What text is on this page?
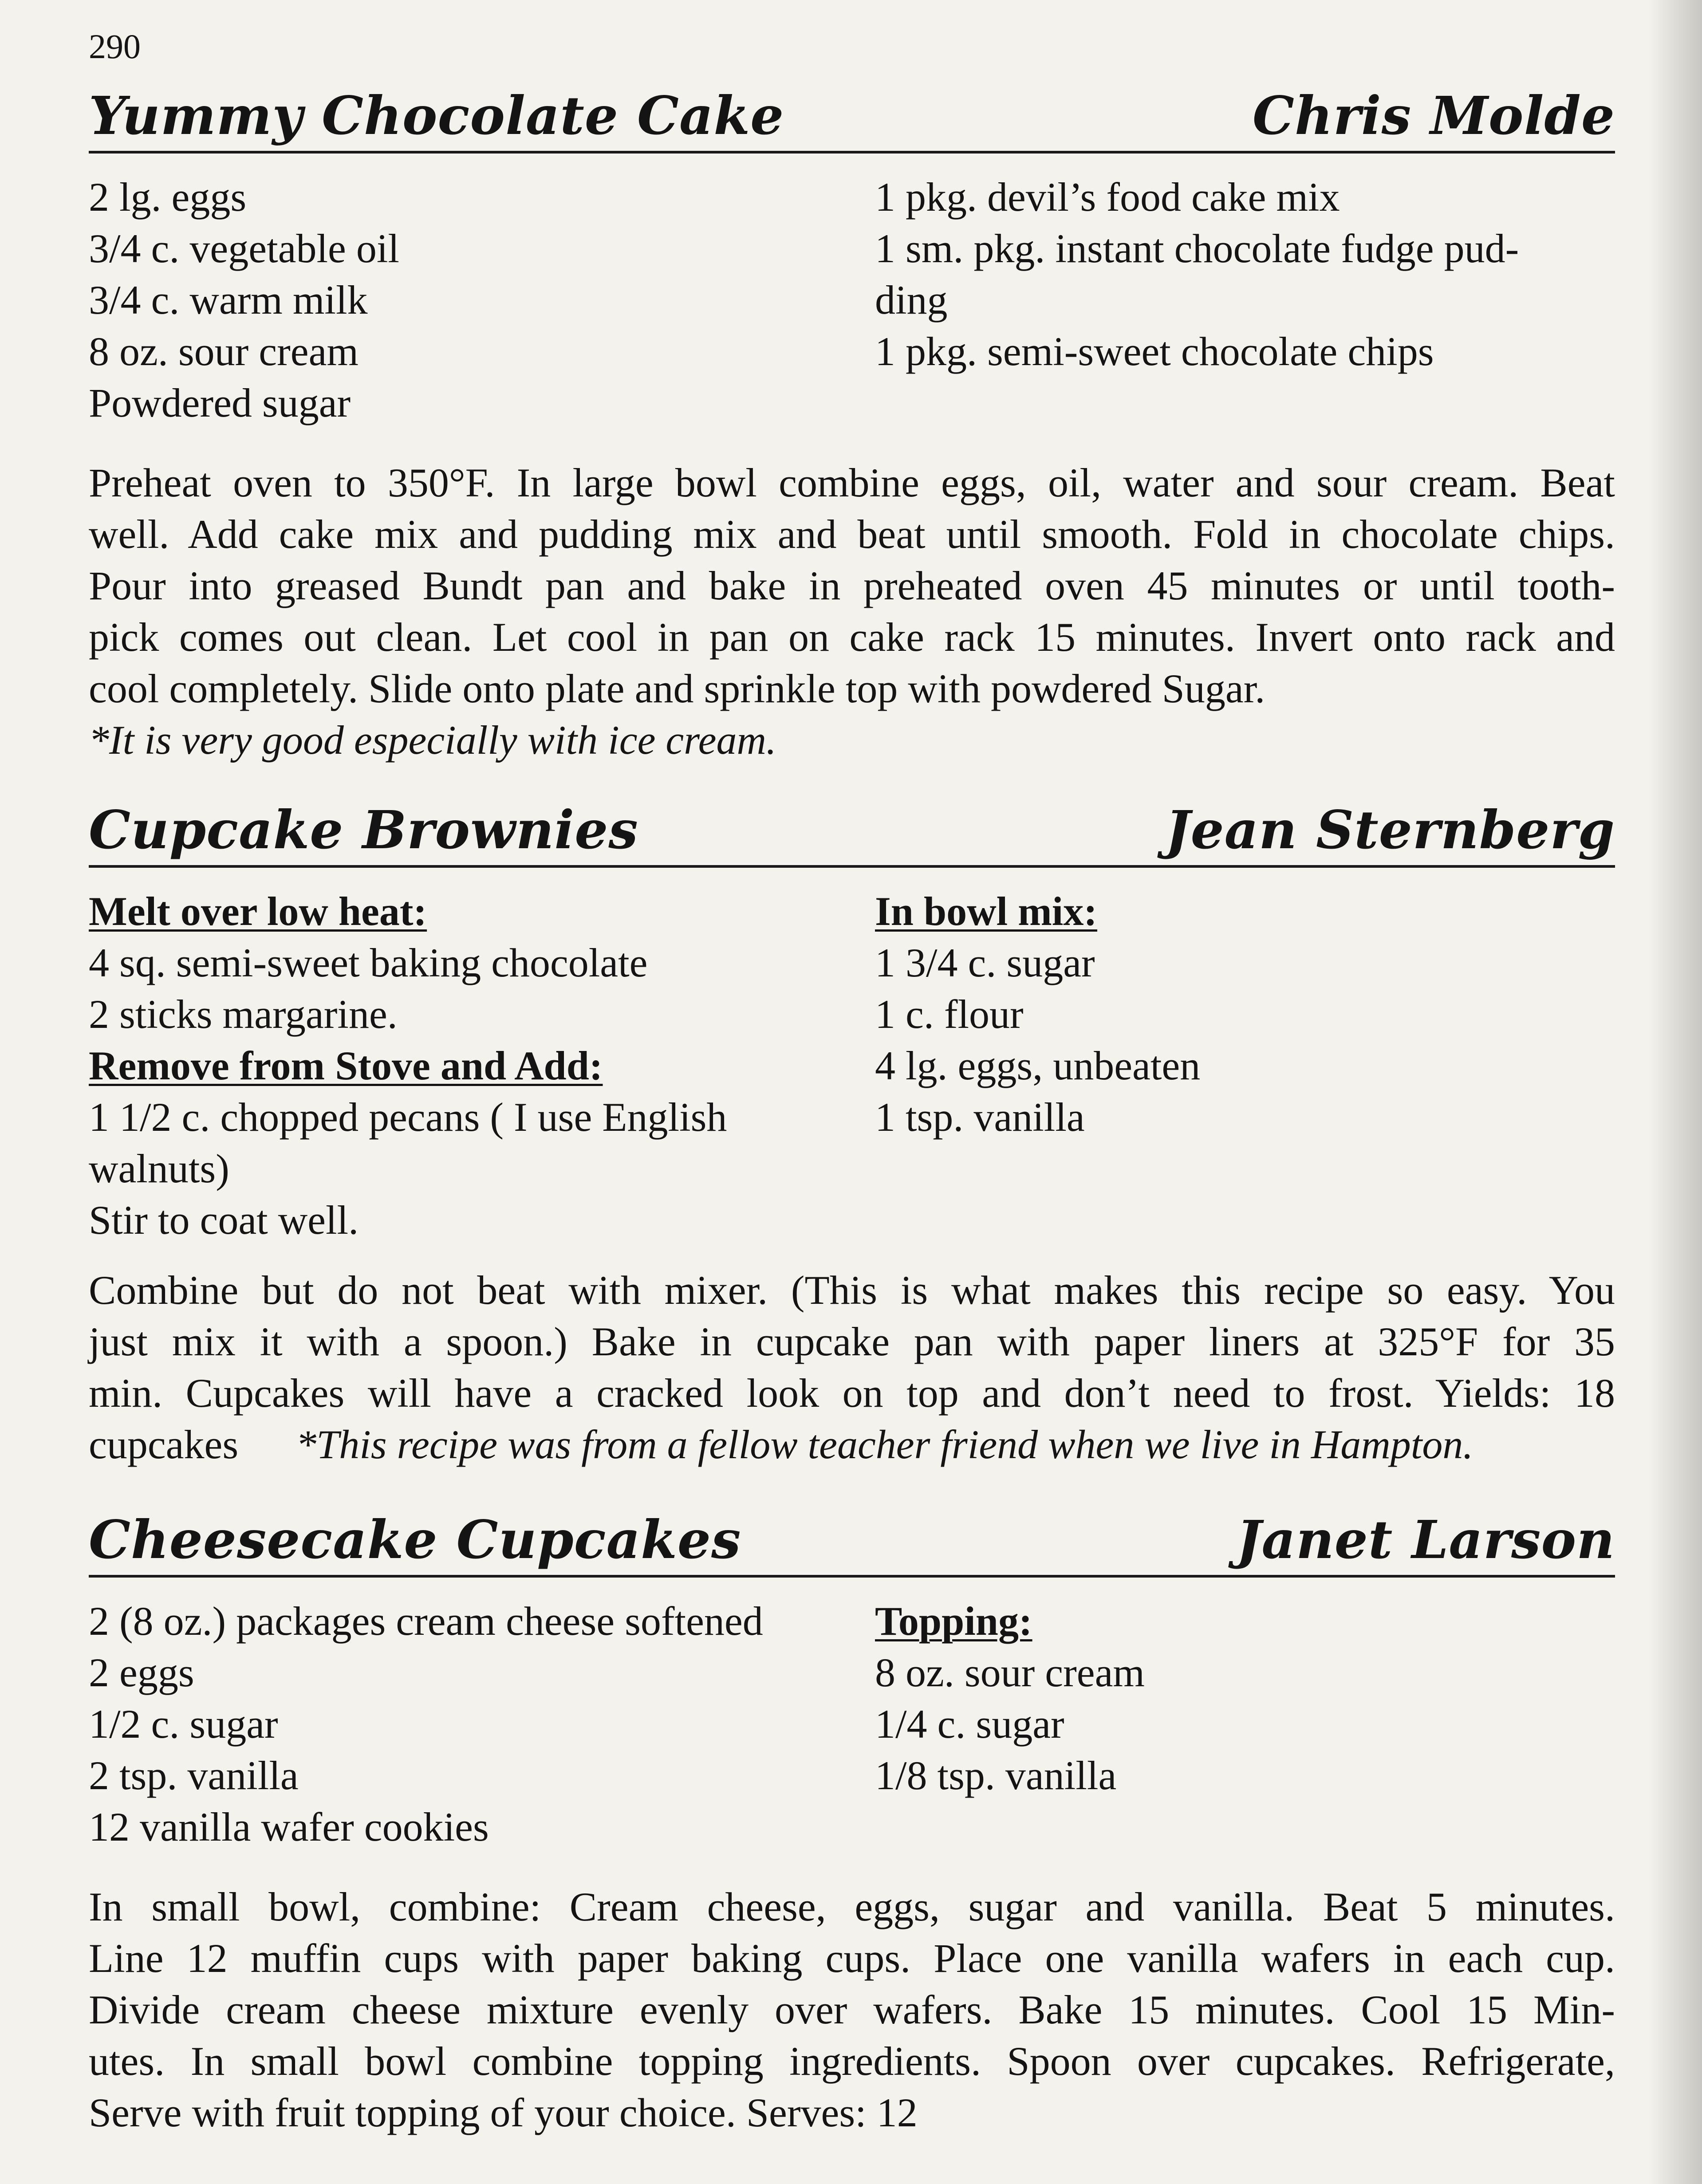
290
Yummy Chocolate Cake	Chris Molde
2 lg. eggs
3/4 c. vegetable oil
3/4 c. warm milk
8 oz. sour cream
Powdered sugar
1 pkg. devil’s food cake mix
1 sm. pkg. instant chocolate fudge pud-
ding
1 pkg. semi-sweet chocolate chips
Preheat oven to 350°F. In large bowl combine eggs, oil, water and sour cream. Beat
well. Add cake mix and pudding mix and beat until smooth. Fold in chocolate chips.
Pour into greased Bundt pan and bake in preheated oven 45 minutes or until tooth-
pick comes out clean. Let cool in pan on cake rack 15 minutes. Invert onto rack and
cool completely. Slide onto plate and sprinkle top with powdered Sugar.
*It is very good especially with ice cream.
Cupcake Brownies	Jean Sternberg
Melt over low heat:
4 sq. semi-sweet baking chocolate
2 sticks margarine.
Remove from Stove and Add:
1 1/2 c. chopped pecans ( I use English
walnuts)
Stir to coat well.
In bowl mix:
1 3/4 c. sugar
1 c. flour
4 lg. eggs, unbeaten
1 tsp. vanilla
Combine but do not beat with mixer. (This is what makes this recipe so easy. You
just mix it with a spoon.) Bake in cupcake pan with paper liners at 325°F for 35
min. Cupcakes will have a cracked look on top and don’t need to frost. Yields: 18
cupcakes *This recipe was from a fellow teacher friend when we live in Hampton.
Cheesecake Cupcakes	Janet Larson
2 (8 oz.) packages cream cheese softened
2 eggs
1/2 c. sugar
2 tsp. vanilla
12 vanilla wafer cookies
Topping:
8 oz. sour cream
1/4 c. sugar
1/8 tsp. vanilla
In small bowl, combine: Cream cheese, eggs, sugar and vanilla. Beat 5 minutes.
Line 12 muffin cups with paper baking cups. Place one vanilla wafers in each cup.
Divide cream cheese mixture evenly over wafers. Bake 15 minutes. Cool 15 Min-
utes. In small bowl combine topping ingredients. Spoon over cupcakes. Refrigerate,
Serve with fruit topping of your choice. Serves: 12
